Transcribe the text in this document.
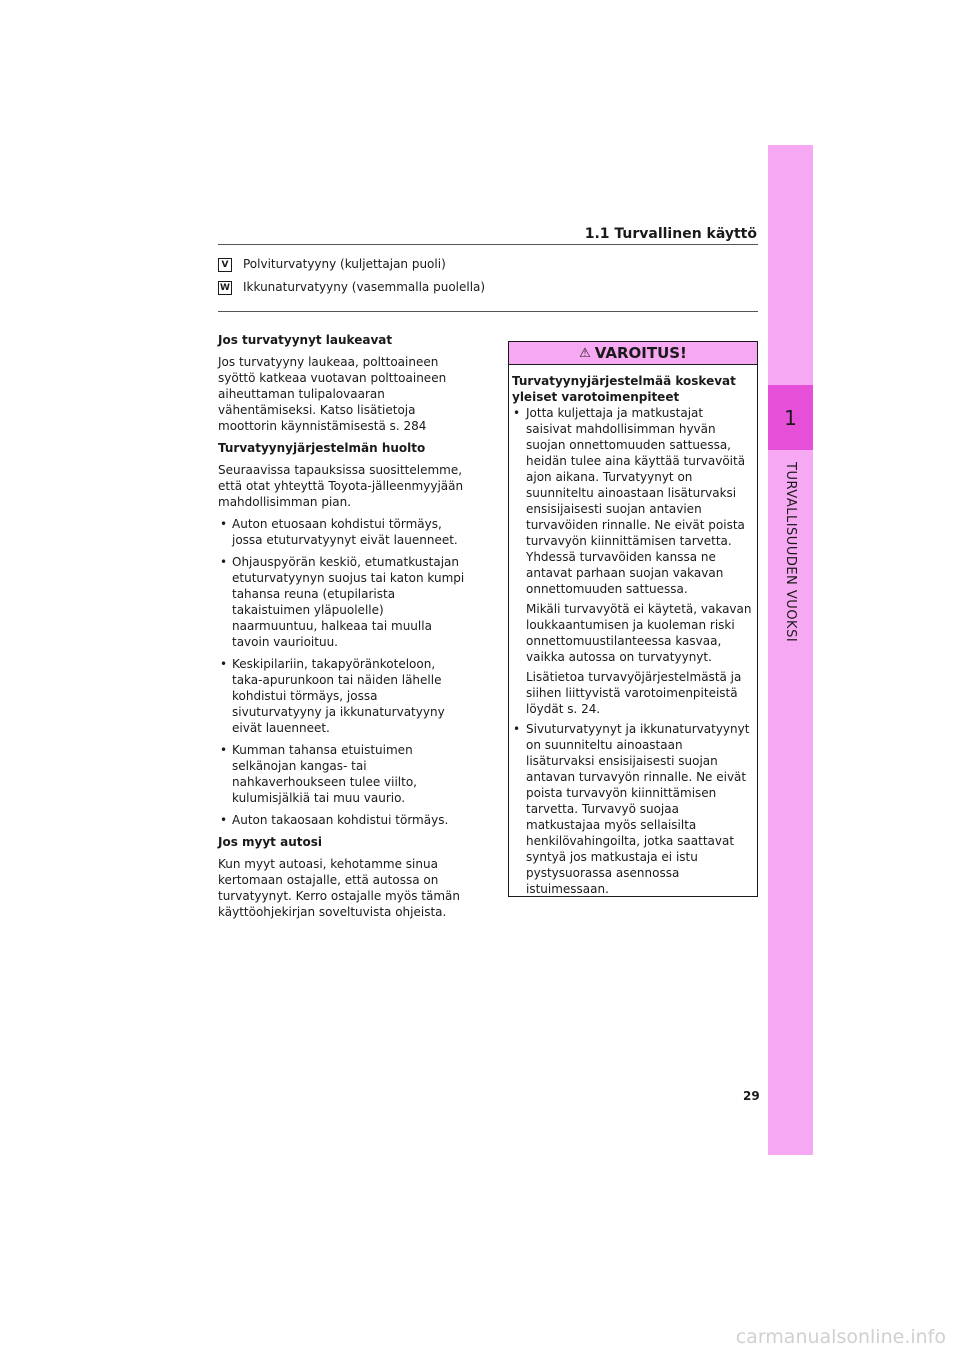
1
TURVALLISUUDEN VUOKSI
1.1 Turvallinen käyttö
V Polviturvatyyny (kuljettajan puoli)
W Ikkunaturvatyyny (vasemmalla puolella)
Jos turvatyynyt laukeavat

Jos turvatyyny laukeaa, polttoaineen syöttö katkeaa vuotavan polttoaineen aiheuttaman tulipalovaaran vähentämiseksi. Katso lisätietoja moottorin käynnistämisestä s. 284

Turvatyynyjärjestelmän huolto

Seuraavissa tapauksissa suosittelemme, että otat yhteyttä Toyota-jälleenmyyjään mahdollisimman pian.

• Auton etuosaan kohdistui törmäys, jossa etuturvatyynyt eivät lauenneet.
• Ohjauspyörän keskiö, etumatkustajan etuturvatyynyn suojus tai katon kumpi tahansa reuna (etupilarista takaistuimen yläpuolelle) naarmuuntuu, halkeaa tai muulla tavoin vaurioituu.
• Keskipilariin, takapyöränkoteloon, taka-apurunkoon tai näiden lähelle kohdistui törmäys, jossa sivuturvatyyny ja ikkunaturvatyyny eivät lauenneet.
• Kumman tahansa etuistuimen selkänojan kangas- tai nahkaverhoukseen tulee viilto, kulumisjälkiä tai muu vaurio.
• Auton takaosaan kohdistui törmäys.
Jos myyt autosi

Kun myyt autoasi, kehotamme sinua kertomaan ostajalle, että autossa on turvatyynyt. Kerro ostajalle myös tämän käyttöohjekirjan soveltuvista ohjeista.

⚠ VAROITUS!

Turvatyynyjärjestelmää koskevat yleiset varotoimenpiteet

• Jotta kuljettaja ja matkustajat saisivat mahdollisimman hyvän suojan onnettomuuden sattuessa, heidän tulee aina käyttää turvavöitä ajon aikana. Turvatyynyt on suunniteltu ainoastaan lisäturvaksi ensisijaisesti suojan antavien turvavöiden rinnalle. Ne eivät poista turvavyön kiinnittämisen tarvetta. Yhdessä turvavöiden kanssa ne antavat parhaan suojan vakavan onnettomuuden sattuessa.

Mikäli turvavyötä ei käytetä, vakavan loukkaantumisen ja kuoleman riski onnettomuustilanteessa kasvaa, vaikka autossa on turvatyynyt.

Lisätietoa turvavyöjärjestelmästä ja siihen liittyvistä varotoimenpiteistä löydät s. 24.

• Sivuturvatyynyt ja ikkunaturvatyynyt on suunniteltu ainoastaan lisäturvaksi ensisijaisesti suojan antavan turvavyön rinnalle. Ne eivät poista turvavyön kiinnittämisen tarvetta. Turvavyö suojaa matkustajaa myös sellaisilta henkilövahingoilta, jotka saattavat syntyä jos matkustaja ei istu pystysuorassa asennossa istuimessaan.

29
carmanualsonline.info
